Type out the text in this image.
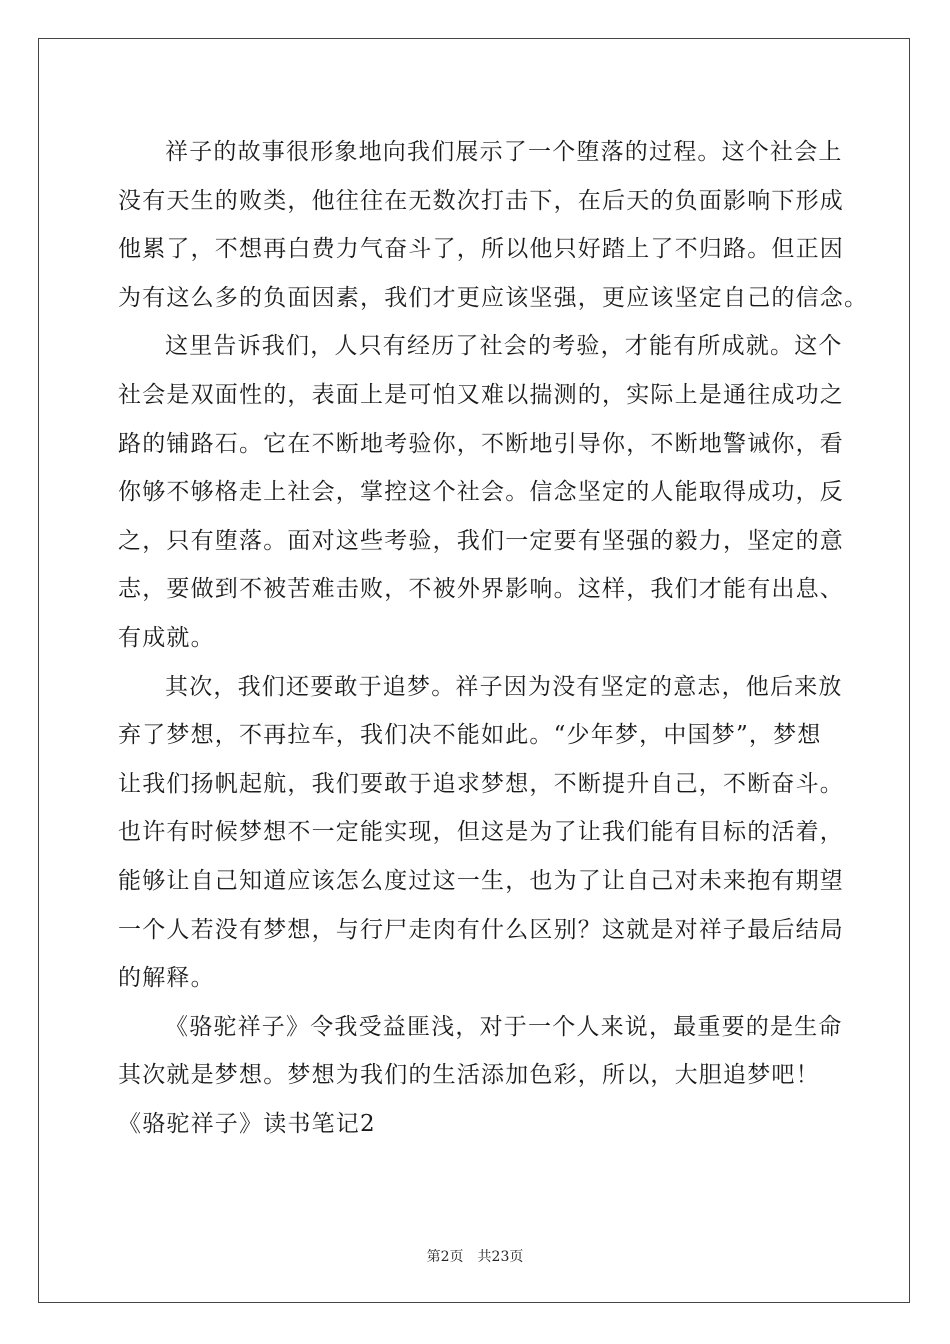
祥子的故事很形象地向我们展示了一个堕落的过程。这个社会上
没有天生的败类，他往往在无数次打击下，在后天的负面影响下形成
他累了，不想再白费力气奋斗了，所以他只好踏上了不归路。但正因
为有这么多的负面因素，我们才更应该坚强，更应该坚定自己的信念。
这里告诉我们，人只有经历了社会的考验，才能有所成就。这个
社会是双面性的，表面上是可怕又难以揣测的，实际上是通往成功之
路的铺路石。它在不断地考验你，不断地引导你，不断地警诫你，看
你够不够格走上社会，掌控这个社会。信念坚定的人能取得成功，反
之，只有堕落。面对这些考验，我们一定要有坚强的毅力，坚定的意
志，要做到不被苦难击败，不被外界影响。这样，我们才能有出息、
有成就。
其次，我们还要敢于追梦。祥子因为没有坚定的意志，他后来放
弃了梦想，不再拉车，我们决不能如此。“少年梦，中国梦”，梦想
让我们扬帆起航，我们要敢于追求梦想，不断提升自己，不断奋斗。
也许有时候梦想不一定能实现，但这是为了让我们能有目标的活着，
能够让自己知道应该怎么度过这一生，也为了让自己对未来抱有期望
一个人若没有梦想，与行尸走肉有什么区别？这就是对祥子最后结局
的解释。
《骆驼祥子》令我受益匪浅，对于一个人来说，最重要的是生命
其次就是梦想。梦想为我们的生活添加色彩，所以，大胆追梦吧！
《骆驼祥子》读书笔记2
第2页 共23页
